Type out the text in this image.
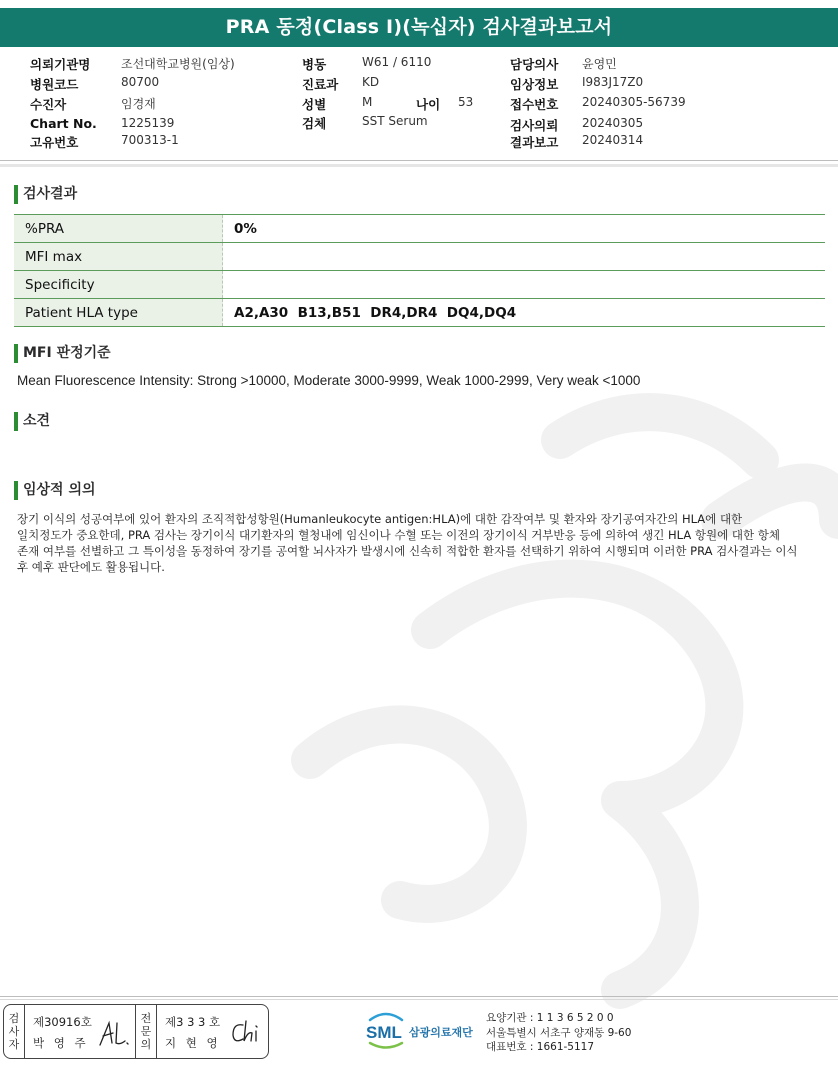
PRA 동정(Class I)(녹십자) 검사결과보고서
의뢰기관명	조선대학교병원(임상)
병원코드	80700
수진자	임경재
Chart No. 1225139
고유번호	700313-1
병동	W61 / 6110
진료과 KD
성별	M	나이 53
검체	SST Serum
담당의사 윤영민
임상정보 I983J17Z0
접수번호 20240305-56739
검사의뢰 20240305
결과보고 20240314
검사결과
%PRA	0%
MFI max	
Specificity	
Patient HLA type	A2,A30  B13,B51  DR4,DR4  DQ4,DQ4
MFI 판정기준
Mean Fluorescence Intensity: Strong >10000, Moderate 3000-9999, Weak 1000-2999, Very weak <1000
소견
임상적 의의
장기 이식의 성공여부에 있어 환자의 조직적합성항원(Humanleukocyte antigen:HLA)에 대한 감작여부 및 환자와 장기공여자간의 HLA에 대한
일치정도가 중요한데, PRA 검사는 장기이식 대기환자의 혈청내에 임신이나 수혈 또는 이전의 장기이식 거부반응 등에 의하여 생긴 HLA 항원에 대한 항체
존재 여부를 선별하고 그 특이성을 동정하여 장기를 공여할 뇌사자가 발생시에 신속히 적합한 환자를 선택하기 위하여 시행되며 이러한 PRA 검사결과는 이식
후 예후 판단에도 활용됩니다.
검사자
제30916호
박 영 주
전문의
제3 3 3 호
지 현 영
SML 삼광의료재단
요양기관 : 1 1 3 6 5 2 0 0
서울특별시 서초구 양재동 9-60
대표번호 : 1661-5117
